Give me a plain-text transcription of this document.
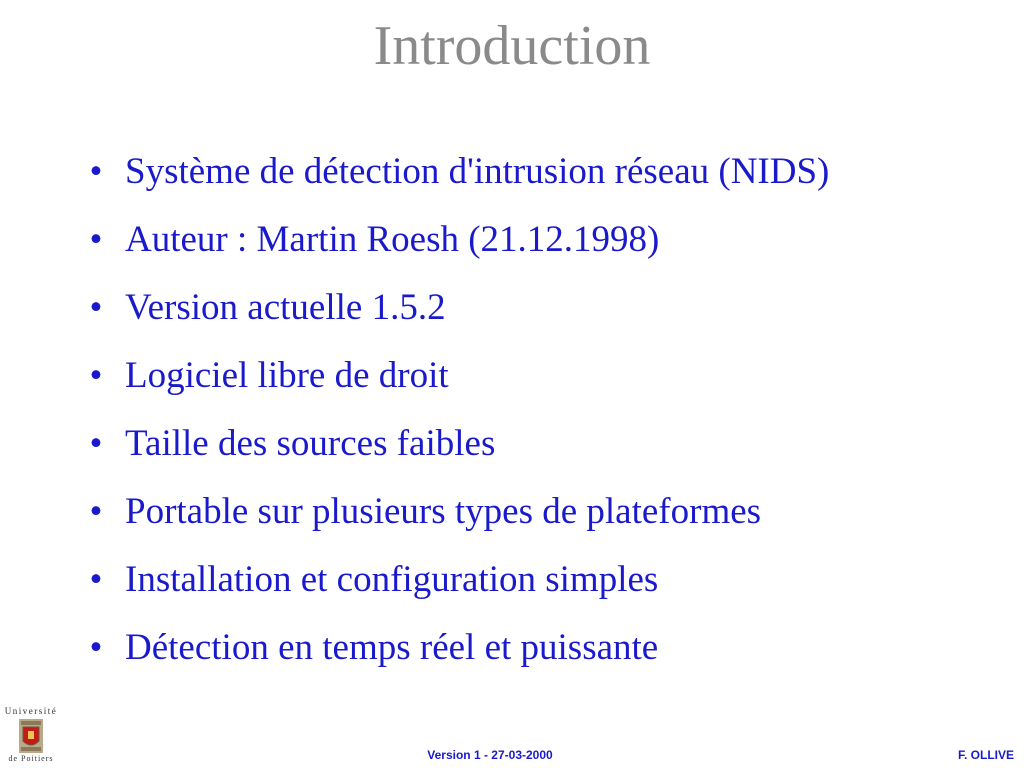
Introduction
• Système de détection d'intrusion réseau (NIDS)
• Auteur : Martin Roesh (21.12.1998)
• Version actuelle 1.5.2
• Logiciel libre de droit
• Taille des sources faibles
• Portable sur plusieurs types de plateformes
• Installation et configuration simples
• Détection en temps réel et puissante
Université
de Poitiers	Version 1 - 27-03-2000	F. OLLIVE
